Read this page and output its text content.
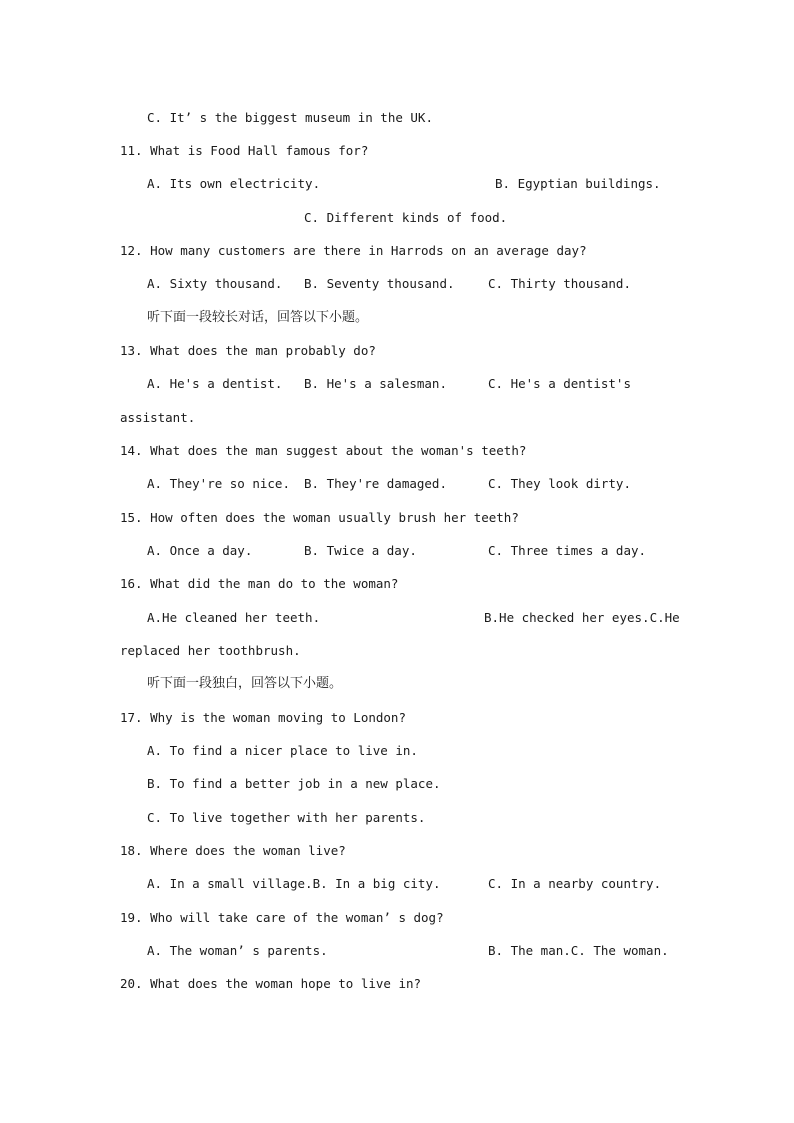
C. It’ s the biggest museum in the UK.
11. What is Food Hall famous for?
A. Its own electricity.	B. Egyptian buildings.
C. Different kinds of food.
12. How many customers are there in Harrods on an average day?
A. Sixty thousand. B. Seventy thousand.	C. Thirty thousand.
听下面一段较长对话，回答以下小题。
13. What does the man probably do?
A. He's a dentist. B. He's a salesman.	C. He's a dentist's
assistant.
14. What does the man suggest about the woman's teeth?
A. They're so nice. B. They're damaged.	C. They look dirty.
15. How often does the woman usually brush her teeth?
A. Once a day.	B. Twice a day.	C. Three times a day.
16. What did the man do to the woman?
A.He cleaned her teeth.	B.He checked her eyes.C.He
replaced her toothbrush.
听下面一段独白，回答以下小题。
17. Why is the woman moving to London?
A. To find a nicer place to live in.
B. To find a better job in a new place.
C. To live together with her parents.
18. Where does the woman live?
A. In a small village.B. In a big city.	C. In a nearby country.
19. Who will take care of the woman’ s dog?
A. The woman’ s parents.	B. The man.C. The woman.
20. What does the woman hope to live in?
